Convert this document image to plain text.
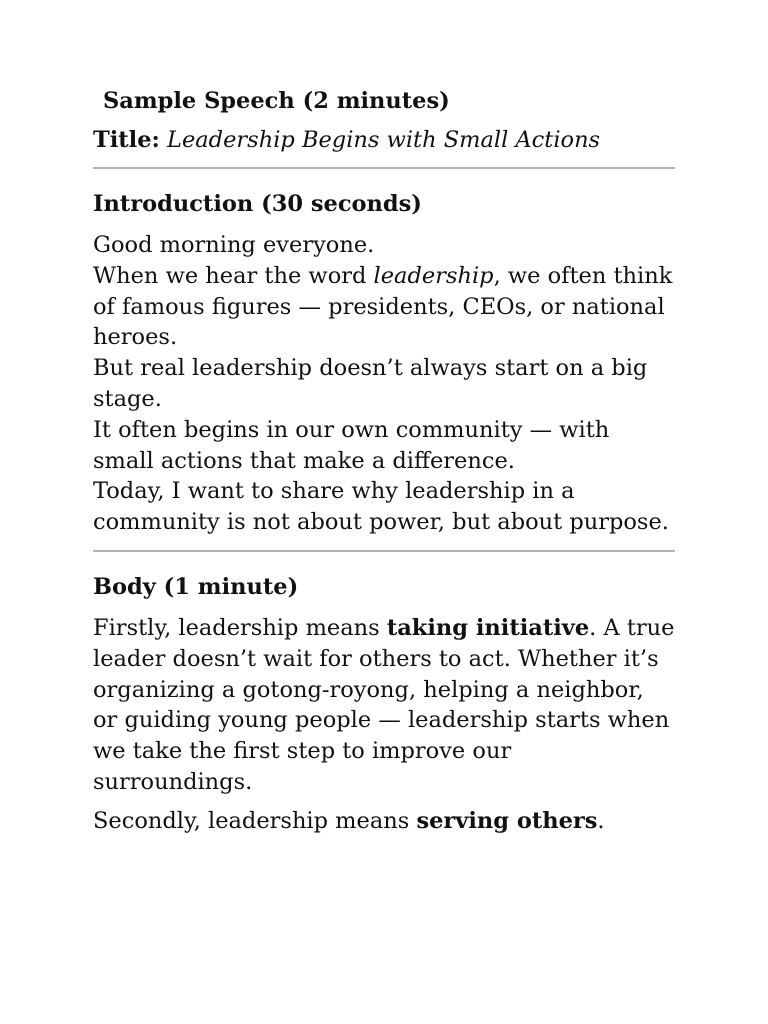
Sample Speech (2 minutes)

Title: Leadership Begins with Small Actions

Introduction (30 seconds)

Good morning everyone.
When we hear the word leadership, we often think of famous figures — presidents, CEOs, or national heroes.
But real leadership doesn’t always start on a big stage.
It often begins in our own community — with small actions that make a difference.
Today, I want to share why leadership in a community is not about power, but about purpose.

Body (1 minute)

Firstly, leadership means taking initiative. A true leader doesn’t wait for others to act. Whether it’s organizing a gotong-royong, helping a neighbor, or guiding young people — leadership starts when we take the first step to improve our surroundings.

Secondly, leadership means serving others.
